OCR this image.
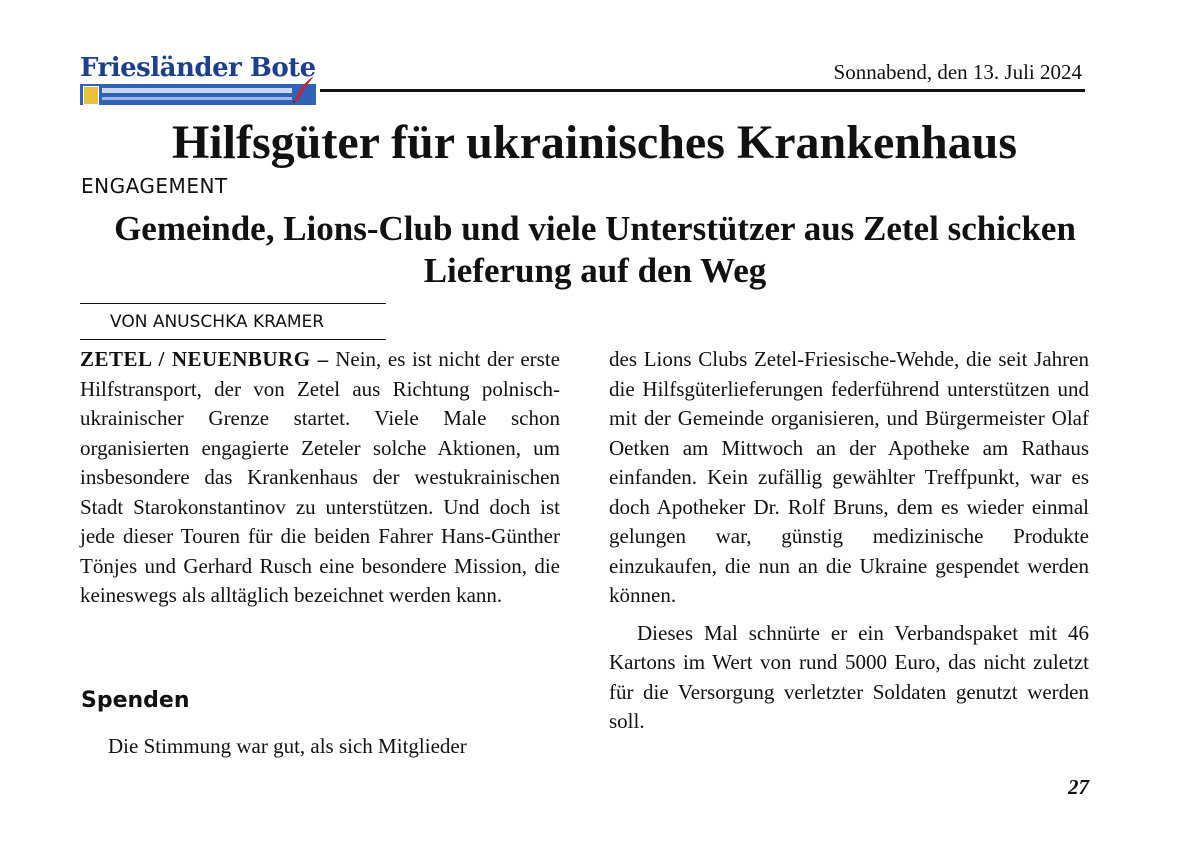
Friesländer Bote	Sonnabend, den 13. Juli 2024
Hilfsgüter für ukrainisches Krankenhaus
ENGAGEMENT
Gemeinde, Lions-Club und viele Unterstützer aus Zetel schicken Lieferung auf den Weg
VON ANUSCHKA KRAMER

ZETEL / NEUENBURG – Nein, es ist nicht der erste Hilfstransport, der von Zetel aus Richtung polnisch-ukrainischer Grenze startet. Viele Male schon organisierten engagierte Zeteler solche Aktionen, um insbesondere das Krankenhaus der westukrainischen Stadt Starokonstantinov zu unterstützen. Und doch ist jede dieser Touren für die beiden Fahrer Hans-Günther Tönjes und Gerhard Rusch eine besondere Mission, die keineswegs als alltäglich bezeichnet werden kann.

Spenden

Die Stimmung war gut, als sich Mitglieder

des Lions Clubs Zetel-Friesische-Wehde, die seit Jahren die Hilfsgüterlieferungen federführend unterstützen und mit der Gemeinde organisieren, und Bürgermeister Olaf Oetken am Mittwoch an der Apotheke am Rathaus einfanden. Kein zufällig gewählter Treffpunkt, war es doch Apotheker Dr. Rolf Bruns, dem es wieder einmal gelungen war, günstig medizinische Produkte einzukaufen, die nun an die Ukraine gespendet werden können.

Dieses Mal schnürte er ein Verbandspaket mit 46 Kartons im Wert von rund 5000 Euro, das nicht zuletzt für die Versorgung verletzter Soldaten genutzt werden soll.

27
